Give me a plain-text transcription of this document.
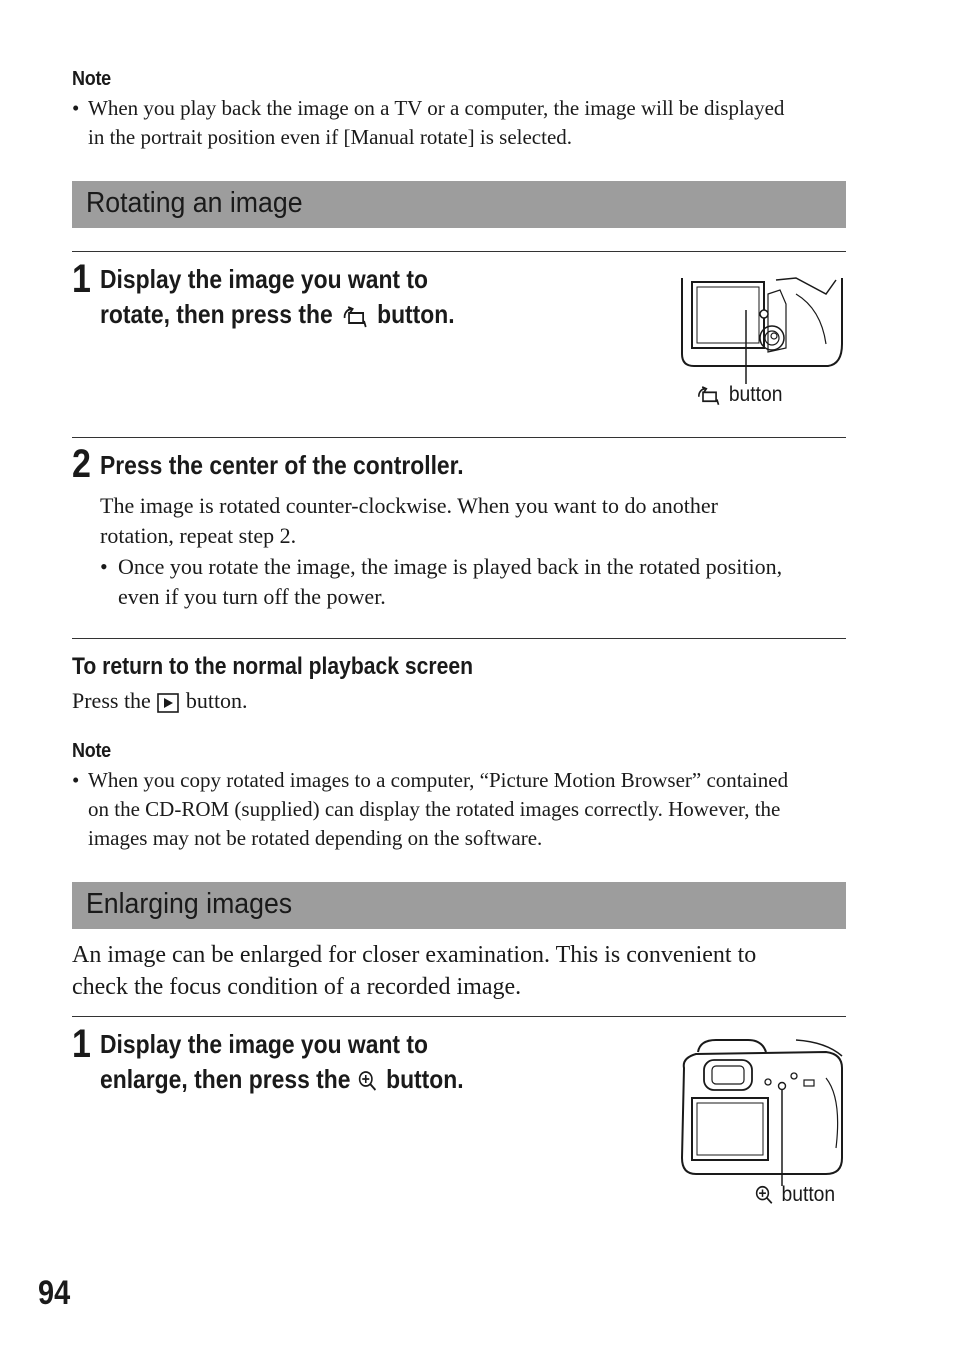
Note
• When you play back the image on a TV or a computer, the image will be displayed
in the portrait position even if [Manual rotate] is selected.
Rotating an image
1 Display the image you want to
rotate, then press the button.
button
2 Press the center of the controller.
The image is rotated counter-clockwise. When you want to do another
rotation, repeat step 2.
• Once you rotate the image, the image is played back in the rotated position,
even if you turn off the power.
To return to the normal playback screen
Press the button.
Note
• When you copy rotated images to a computer, “Picture Motion Browser” contained
on the CD-ROM (supplied) can display the rotated images correctly. However, the
images may not be rotated depending on the software.
Enlarging images
An image can be enlarged for closer examination. This is convenient to
check the focus condition of a recorded image.
1 Display the image you want to
enlarge, then press the button.
button
94
